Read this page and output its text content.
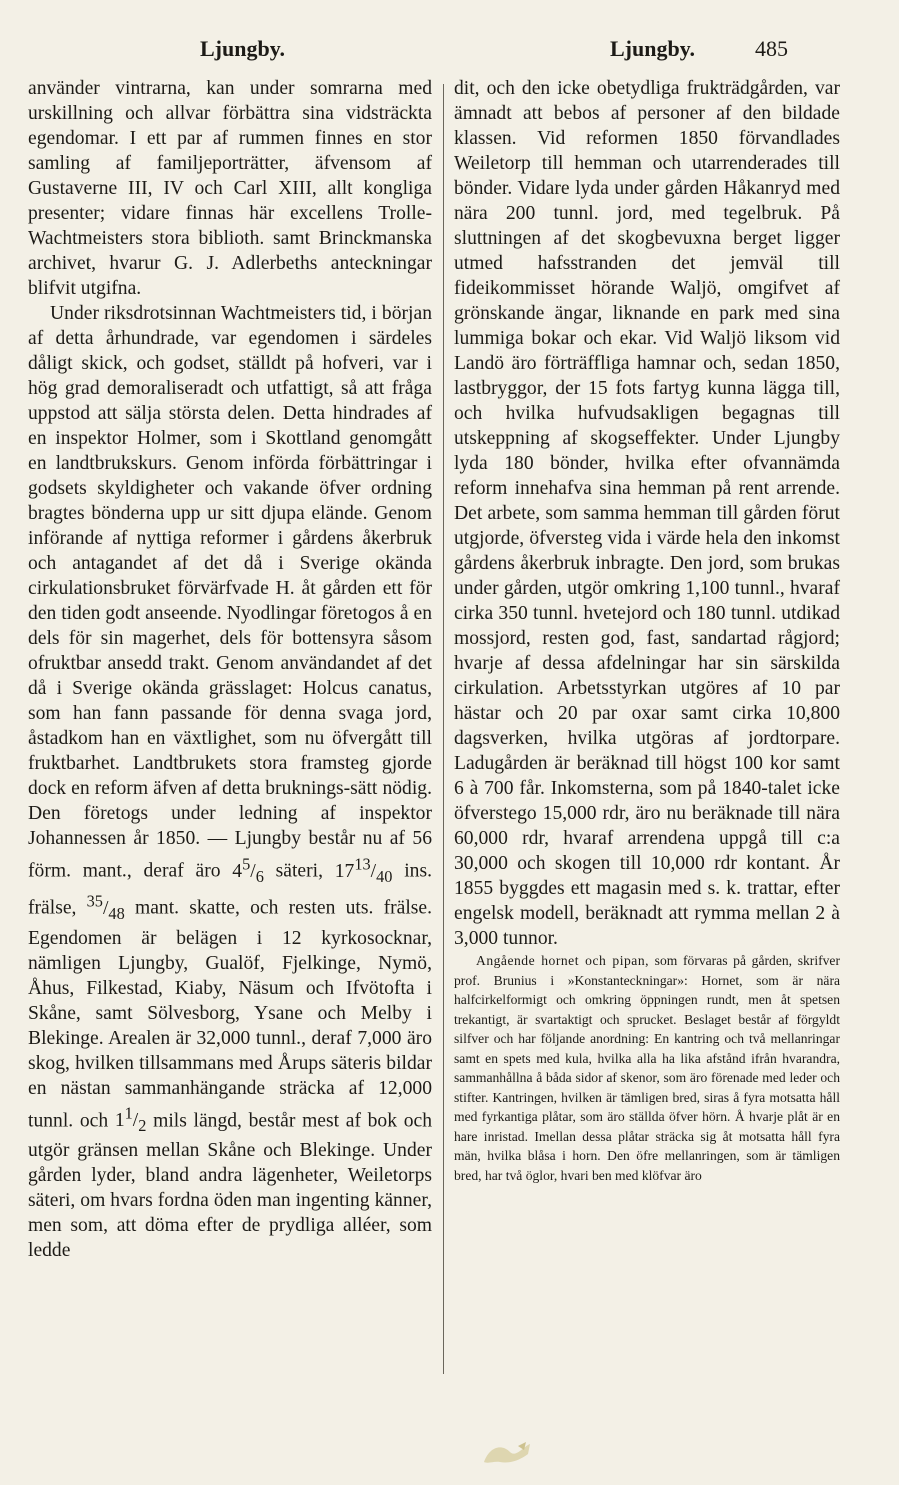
Ljungby.	Ljungby.	485

använder vintrarna, kan under somrarna med urskillning och allvar förbättra sina vidsträckta egendomar. I ett par af rummen finnes en stor samling af familjeporträtter, äfvensom af Gustaverne III, IV och Carl XIII, allt kongliga presenter; vidare finnas här excellens Trolle-Wachtmeisters stora biblioth. samt Brinckmanska archivet, hvarur G. J. Adlerbeths anteckningar blifvit utgifna.

Under riksdrotsinnan Wachtmeisters tid, i början af detta århundrade, var egendomen i särdeles dåligt skick, och godset, ställdt på hofveri, var i hög grad demoraliseradt och utfattigt, så att fråga uppstod att sälja största delen. Detta hindrades af en inspektor Holmer, som i Skottland genomgått en landtbrukskurs. Genom införda förbättringar i godsets skyldigheter och vakande öfver ordning bragtes bönderna upp ur sitt djupa elände. Genom införande af nyttiga reformer i gårdens åkerbruk och antagandet af det då i Sverige okända cirkulationsbruket förvärfvade H. åt gården ett för den tiden godt anseende. Nyodlingar företogos å en dels för sin magerhet, dels för bottensyra såsom ofruktbar ansedd trakt. Genom användandet af det då i Sverige okända grässlaget: Holcus canatus, som han fann passande för denna svaga jord, åstadkom han en växtlighet, som nu öfvergått till fruktbarhet. Landtbrukets stora framsteg gjorde dock en reform äfven af detta bruknings-sätt nödig. Den företogs under ledning af inspektor Johannessen år 1850. — Ljungby består nu af 56 förm. mant., deraf äro $4^5/_6$ säteri, $17^{13}/_{40}$ ins. frälse, $^{35}/_{48}$ mant. skatte, och resten uts. frälse. Egendomen är belägen i 12 kyrkosocknar, nämligen Ljungby, Gualöf, Fjelkinge, Nymö, Åhus, Filkestad, Kiaby, Näsum och Ifvötofta i Skåne, samt Sölvesborg, Ysane och Melby i Blekinge. Arealen är 32,000 tunnl., deraf 7,000 äro skog, hvilken tillsammans med Årups säteris bildar en nästan sammanhängande sträcka af 12,000 tunnl. och $1^1/_2$ mils längd, består mest af bok och utgör gränsen mellan Skåne och Blekinge. Under gården lyder, bland andra lägenheter, Weiletorps säteri, om hvars fordna öden man ingenting känner, men som, att döma efter de prydliga alléer, som ledde

dit, och den icke obetydliga frukträdgården, var ämnadt att bebos af personer af den bildade klassen. Vid reformen 1850 förvandlades Weiletorp till hemman och utarrenderades till bönder. Vidare lyda under gården Håkanryd med nära 200 tunnl. jord, med tegelbruk. På sluttningen af det skogbevuxna berget ligger utmed hafsstranden det jemväl till fideikommisset hörande Waljö, omgifvet af grönskande ängar, liknande en park med sina lummiga bokar och ekar. Vid Waljö liksom vid Landö äro förträffliga hamnar och, sedan 1850, lastbryggor, der 15 fots fartyg kunna lägga till, och hvilka hufvudsakligen begagnas till utskeppning af skogseffekter. Under Ljungby lyda 180 bönder, hvilka efter ofvannämda reform innehafva sina hemman på rent arrende. Det arbete, som samma hemman till gården förut utgjorde, öfversteg vida i värde hela den inkomst gårdens åkerbruk inbragte. Den jord, som brukas under gården, utgör omkring 1,100 tunnl., hvaraf cirka 350 tunnl. hvetejord och 180 tunnl. utdikad mossjord, resten god, fast, sandartad rågjord; hvarje af dessa afdelningar har sin särskilda cirkulation. Arbetsstyrkan utgöres af 10 par hästar och 20 par oxar samt cirka 10,800 dagsverken, hvilka utgöras af jordtorpare. Ladugården är beräknad till högst 100 kor samt 6 à 700 får. Inkomsterna, som på 1840-talet icke öfverstego 15,000 rdr, äro nu beräknade till nära 60,000 rdr, hvaraf arrendena uppgå till c:a 30,000 och skogen till 10,000 rdr kontant. År 1855 byggdes ett magasin med s. k. trattar, efter engelsk modell, beräknadt att rymma mellan 2 à 3,000 tunnor.

Angående hornet och pipan, som förvaras på gården, skrifver prof. Brunius i »Konstanteckningar»: Hornet, som är nära halfcirkelformigt och omkring öppningen rundt, men åt spetsen trekantigt, är svartaktigt och sprucket. Beslaget består af förgyldt silfver och har följande anordning: En kantring och två mellanringar samt en spets med kula, hvilka alla ha lika afstånd ifrån hvarandra, sammanhållna å båda sidor af skenor, som äro förenade med leder och stifter. Kantringen, hvilken är tämligen bred, siras å fyra motsatta håll med fyrkantiga plåtar, som äro ställda öfver hörn. Å hvarje plåt är en hare inristad. Imellan dessa plåtar sträcka sig åt motsatta håll fyra män, hvilka blåsa i horn. Den öfre mellanringen, som är tämligen bred, har två öglor, hvari ben med klöfvar äro
